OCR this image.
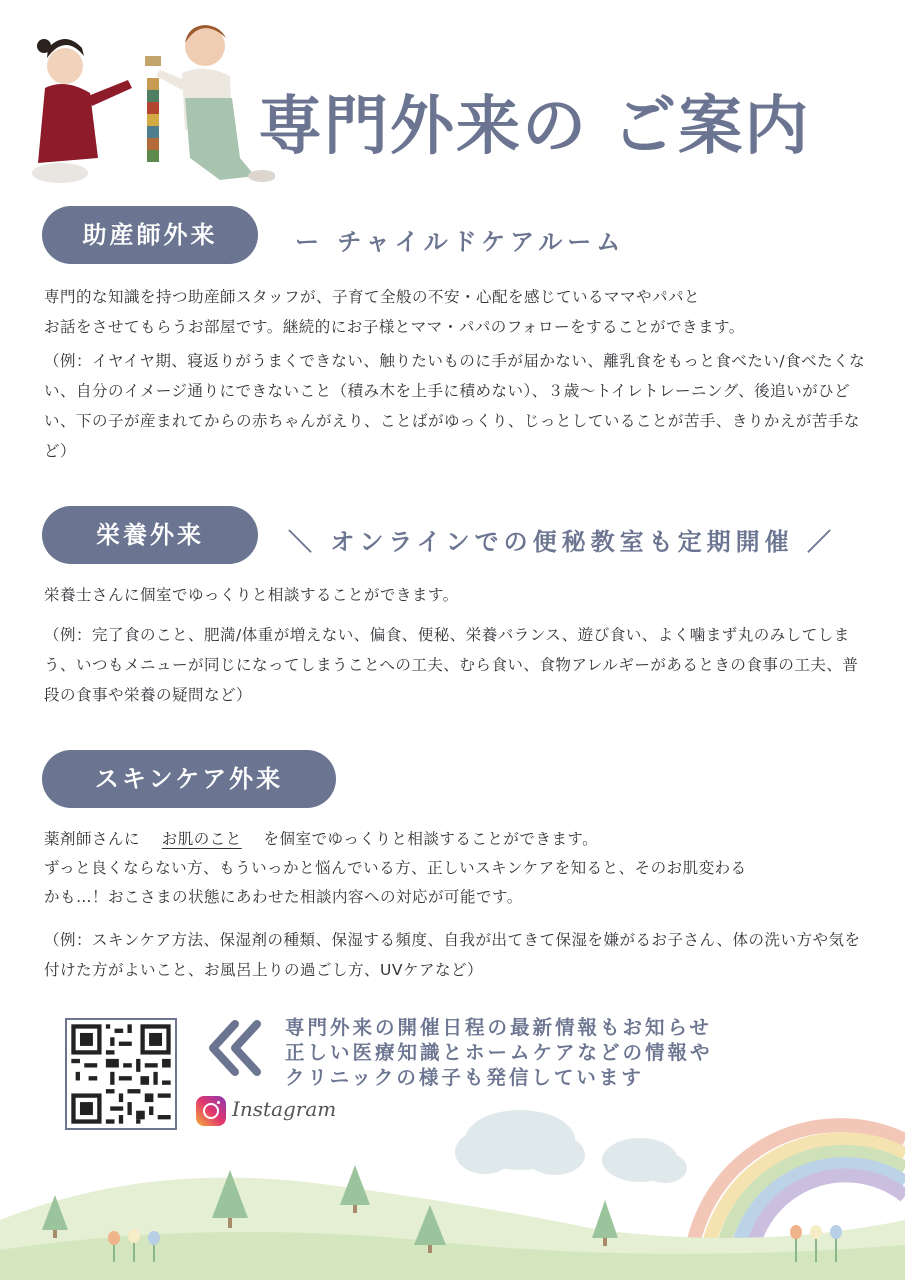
専門外来の ご案内
助産師外来	ー チャイルドケアルーム
専門的な知識を持つ助産師スタッフが、子育て全般の不安・心配を感じているママやパパと
お話をさせてもらうお部屋です。継続的にお子様とママ・パパのフォローをすることができます。
（例：イヤイヤ期、寝返りがうまくできない、触りたいものに手が届かない、離乳食をもっと食べたい/食べたくない、自分のイメージ通りにできないこと（積み木を上手に積めない）、３歳〜トイレトレーニング、後追いがひどい、下の子が産まれてからの赤ちゃんがえり、ことばがゆっくり、じっとしていることが苦手、きりかえが苦手など）
栄養外来	＼ オンラインでの便秘教室も定期開催 ／
栄養士さんに個室でゆっくりと相談することができます。
（例：完了食のこと、肥満/体重が増えない、偏食、便秘、栄養バランス、遊び食い、よく噛まず丸のみしてしまう、いつもメニューが同じになってしまうことへの工夫、むら食い、食物アレルギーがあるときの食事の工夫、普段の食事や栄養の疑問など）
スキンケア外来
薬剤師さんに お肌のこと を個室でゆっくりと相談することができます。
ずっと良くならない方、もういっかと悩んでいる方、正しいスキンケアを知ると、そのお肌変わる
かも…！おこさまの状態にあわせた相談内容への対応が可能です。
（例：スキンケア方法、保湿剤の種類、保湿する頻度、自我が出てきて保湿を嫌がるお子さん、体の洗い方や気を付けた方がよいこと、お風呂上りの過ごし方、UVケアなど）
専門外来の開催日程の最新情報もお知らせ
正しい医療知識とホームケアなどの情報や
クリニックの様子も発信しています
Instagram
